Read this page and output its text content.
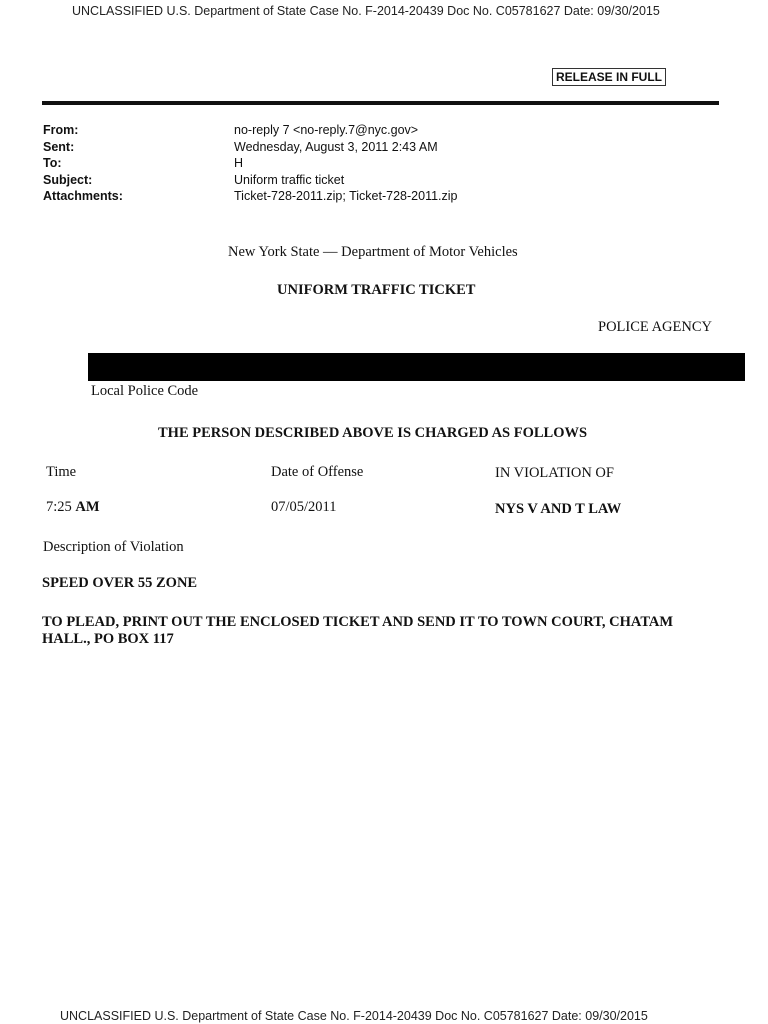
UNCLASSIFIED U.S. Department of State Case No. F-2014-20439 Doc No. C05781627 Date: 09/30/2015
RELEASE IN FULL
From:	no-reply 7 <no-reply.7@nyc.gov>
Sent:	Wednesday, August 3, 2011 2:43 AM
To:	H
Subject:	Uniform traffic ticket
Attachments:	Ticket-728-2011.zip; Ticket-728-2011.zip
New York State — Department of Motor Vehicles
UNIFORM TRAFFIC TICKET
POLICE AGENCY
Local Police Code
THE PERSON DESCRIBED ABOVE IS CHARGED AS FOLLOWS
Time	Date of Offense	IN VIOLATION OF
7:25 AM	07/05/2011	NYS V AND T LAW
Description of Violation
SPEED OVER 55 ZONE
TO PLEAD, PRINT OUT THE ENCLOSED TICKET AND SEND IT TO TOWN COURT, CHATAM HALL., PO BOX 117
UNCLASSIFIED U.S. Department of State Case No. F-2014-20439 Doc No. C05781627 Date: 09/30/2015
